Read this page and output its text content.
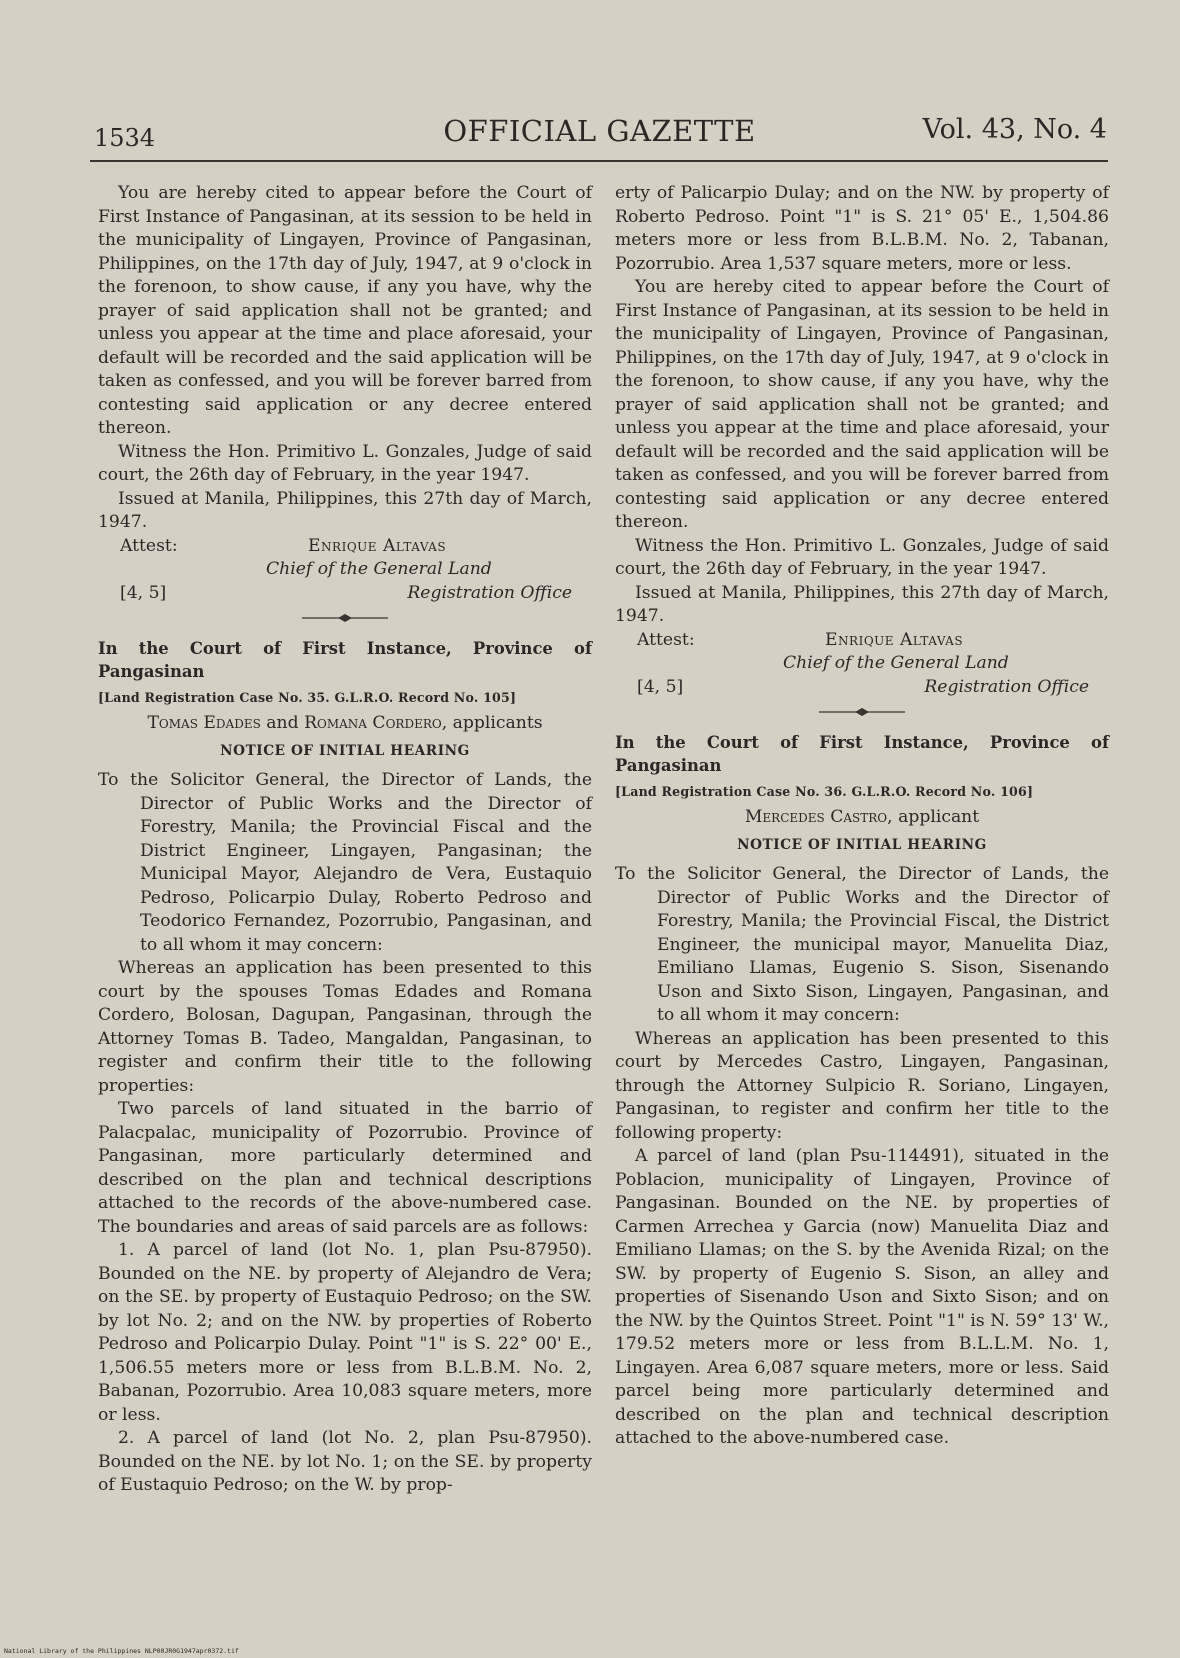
1534	OFFICIAL GAZETTE	Vol. 43, No. 4

You are hereby cited to appear before the Court of First Instance of Pangasinan, at its session to be held in the municipality of Lingayen, Province of Pangasinan, Philippines, on the 17th day of July, 1947, at 9 o'clock in the forenoon, to show cause, if any you have, why the prayer of said application shall not be granted; and unless you appear at the time and place aforesaid, your default will be recorded and the said application will be taken as confessed, and you will be forever barred from contesting said application or any decree entered thereon.

Witness the Hon. Primitivo L. Gonzales, Judge of said court, the 26th day of February, in the year 1947.

Issued at Manila, Philippines, this 27th day of March, 1947.

Attest:	Enrique Altavas
Chief of the General Land
[4, 5]	Registration Office

In the Court of First Instance, Province of Pangasinan

[Land Registration Case No. 35. G.L.R.O. Record No. 105]

Tomas Edades and Romana Cordero, applicants

NOTICE OF INITIAL HEARING

To the Solicitor General, the Director of Lands, the Director of Public Works and the Director of Forestry, Manila; the Provincial Fiscal and the District Engineer, Lingayen, Pangasinan; the Municipal Mayor, Alejandro de Vera, Eustaquio Pedroso, Policarpio Dulay, Roberto Pedroso and Teodorico Fernandez, Pozorrubio, Pangasinan, and to all whom it may concern:

Whereas an application has been presented to this court by the spouses Tomas Edades and Romana Cordero, Bolosan, Dagupan, Pangasinan, through the Attorney Tomas B. Tadeo, Mangaldan, Pangasinan, to register and confirm their title to the following properties:

Two parcels of land situated in the barrio of Palacpalac, municipality of Pozorrubio. Province of Pangasinan, more particularly determined and described on the plan and technical descriptions attached to the records of the above-numbered case. The boundaries and areas of said parcels are as follows:

1. A parcel of land (lot No. 1, plan Psu-87950). Bounded on the NE. by property of Alejandro de Vera; on the SE. by property of Eustaquio Pedroso; on the SW. by lot No. 2; and on the NW. by properties of Roberto Pedroso and Policarpio Dulay. Point "1" is S. 22° 00' E., 1,506.55 meters more or less from B.L.B.M. No. 2, Babanan, Pozorrubio. Area 10,083 square meters, more or less.

2. A parcel of land (lot No. 2, plan Psu-87950). Bounded on the NE. by lot No. 1; on the SE. by property of Eustaquio Pedroso; on the W. by prop-

erty of Palicarpio Dulay; and on the NW. by property of Roberto Pedroso. Point "1" is S. 21° 05' E., 1,504.86 meters more or less from B.L.B.M. No. 2, Tabanan, Pozorrubio. Area 1,537 square meters, more or less.

You are hereby cited to appear before the Court of First Instance of Pangasinan, at its session to be held in the municipality of Lingayen, Province of Pangasinan, Philippines, on the 17th day of July, 1947, at 9 o'clock in the forenoon, to show cause, if any you have, why the prayer of said application shall not be granted; and unless you appear at the time and place aforesaid, your default will be recorded and the said application will be taken as confessed, and you will be forever barred from contesting said application or any decree entered thereon.

Witness the Hon. Primitivo L. Gonzales, Judge of said court, the 26th day of February, in the year 1947.

Issued at Manila, Philippines, this 27th day of March, 1947.

Attest:	Enrique Altavas
Chief of the General Land
[4, 5]	Registration Office

In the Court of First Instance, Province of Pangasinan

[Land Registration Case No. 36. G.L.R.O. Record No. 106]

Mercedes Castro, applicant

NOTICE OF INITIAL HEARING

To the Solicitor General, the Director of Lands, the Director of Public Works and the Director of Forestry, Manila; the Provincial Fiscal, the District Engineer, the municipal mayor, Manuelita Diaz, Emiliano Llamas, Eugenio S. Sison, Sisenando Uson and Sixto Sison, Lingayen, Pangasinan, and to all whom it may concern:

Whereas an application has been presented to this court by Mercedes Castro, Lingayen, Pangasinan, through the Attorney Sulpicio R. Soriano, Lingayen, Pangasinan, to register and confirm her title to the following property:

A parcel of land (plan Psu-114491), situated in the Poblacion, municipality of Lingayen, Province of Pangasinan. Bounded on the NE. by properties of Carmen Arrechea y Garcia (now) Manuelita Diaz and Emiliano Llamas; on the S. by the Avenida Rizal; on the SW. by property of Eugenio S. Sison, an alley and properties of Sisenando Uson and Sixto Sison; and on the NW. by the Quintos Street. Point "1" is N. 59° 13' W., 179.52 meters more or less from B.L.L.M. No. 1, Lingayen. Area 6,087 square meters, more or less. Said parcel being more particularly determined and described on the plan and technical description attached to the above-numbered case.

National Library of the Philippines NLP00JR0G1947apr0372.tif
